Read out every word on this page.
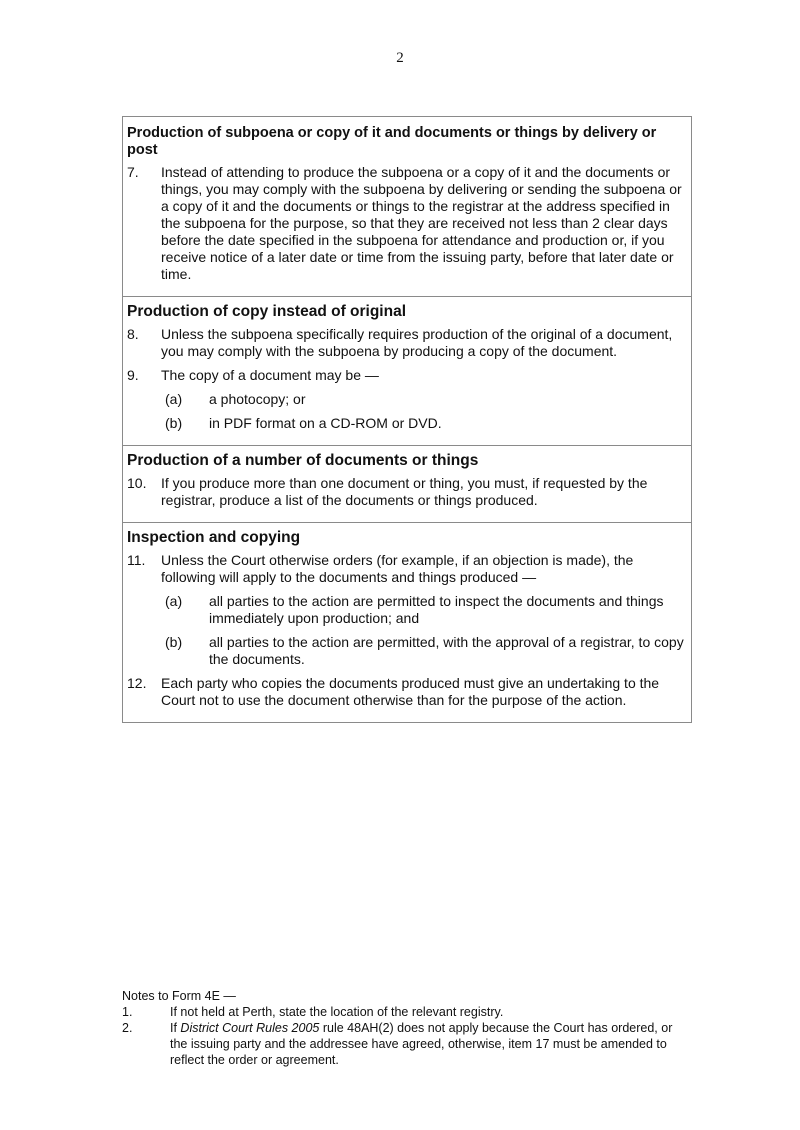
2
Production of subpoena or copy of it and documents or things by delivery or post
7.	Instead of attending to produce the subpoena or a copy of it and the documents or things, you may comply with the subpoena by delivering or sending the subpoena or a copy of it and the documents or things to the registrar at the address specified in the subpoena for the purpose, so that they are received not less than 2 clear days before the date specified in the subpoena for attendance and production or, if you receive notice of a later date or time from the issuing party, before that later date or time.
Production of copy instead of original
8.	Unless the subpoena specifically requires production of the original of a document, you may comply with the subpoena by producing a copy of the document.
9.	The copy of a document may be —
(a)	a photocopy; or
(b)	in PDF format on a CD-ROM or DVD.
Production of a number of documents or things
10.	If you produce more than one document or thing, you must, if requested by the registrar, produce a list of the documents or things produced.
Inspection and copying
11.	Unless the Court otherwise orders (for example, if an objection is made), the following will apply to the documents and things produced —
(a)	all parties to the action are permitted to inspect the documents and things immediately upon production; and
(b)	all parties to the action are permitted, with the approval of a registrar, to copy the documents.
12.	Each party who copies the documents produced must give an undertaking to the Court not to use the document otherwise than for the purpose of the action.
Notes to Form 4E —
1.	If not held at Perth, state the location of the relevant registry.
2.	If District Court Rules 2005 rule 48AH(2) does not apply because the Court has ordered, or the issuing party and the addressee have agreed, otherwise, item 17 must be amended to reflect the order or agreement.
